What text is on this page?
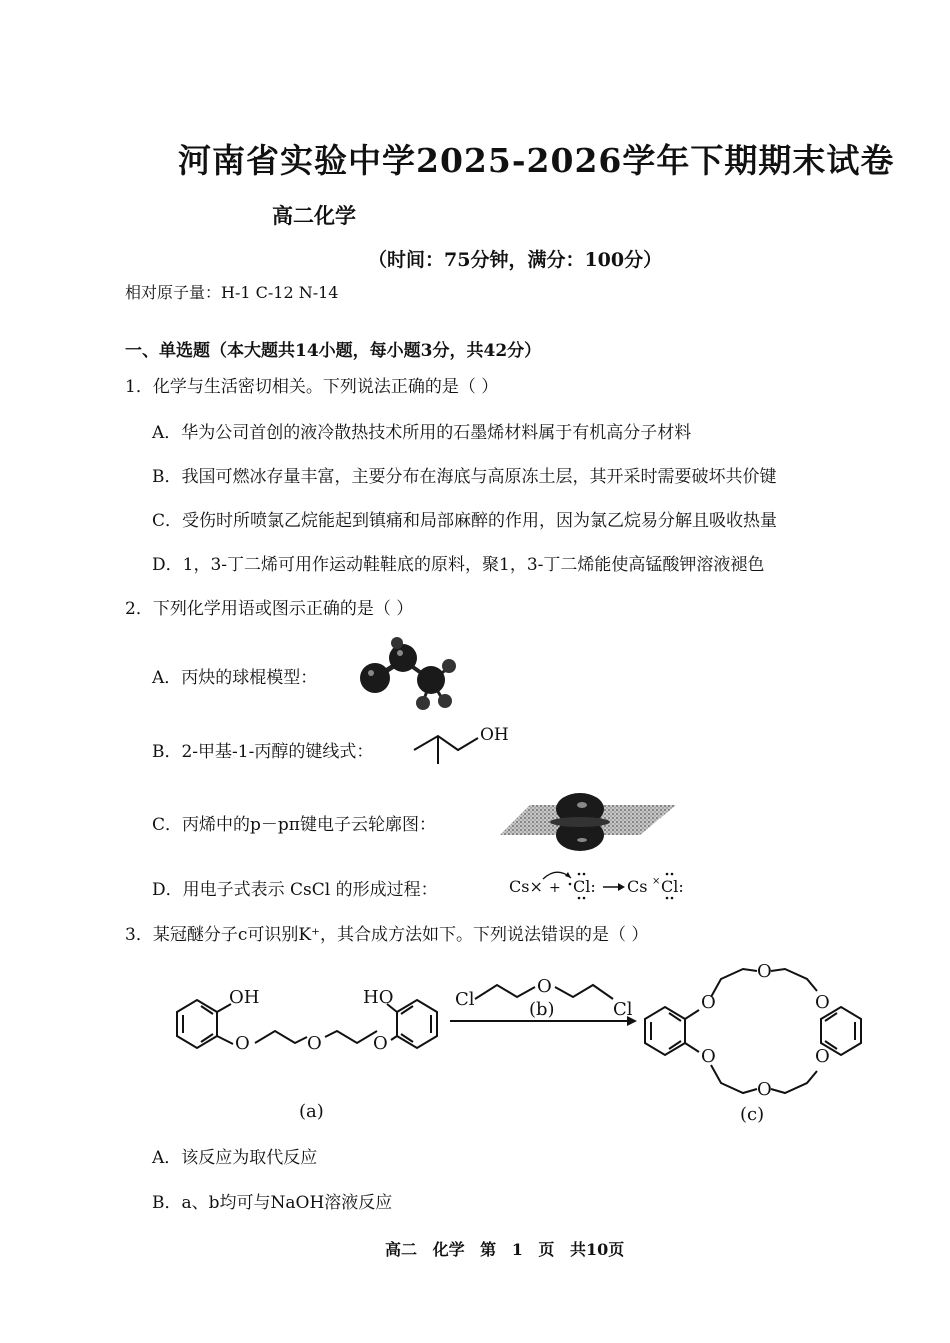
河南省实验中学2025-2026学年下期期末试卷
高二化学
（时间：75分钟，满分：100分）
相对原子量：H-1 C-12 N-14
一、单选题（本大题共14小题，每小题3分，共42分）
1．化学与生活密切相关。下列说法正确的是（ ）
A．华为公司首创的液冷散热技术所用的石墨烯材料属于有机高分子材料
B．我国可燃冰存量丰富，主要分布在海底与高原冻土层，其开采时需要破坏共价键
C．受伤时所喷氯乙烷能起到镇痛和局部麻醉的作用，因为氯乙烷易分解且吸收热量
D．1，3-丁二烯可用作运动鞋鞋底的原料，聚1，3-丁二烯能使高锰酸钾溶液褪色
2．下列化学用语或图示正确的是（ ）
A．丙炔的球棍模型：
B．2-甲基-1-丙醇的键线式：
C．丙烯中的p－pπ键电子云轮廓图：
D．用电子式表示 CsCl 的形成过程：
OH
Cs× + Cl: Cs × Cl:
3．某冠醚分子c可识别K⁺，其合成方法如下。下列说法错误的是（ ）
OH
O	O	O
HO	Cl
O
Cl
(b)	O
O
O
O
O
O
(a)	(c)
A．该反应为取代反应
B．a、b均可与NaOH溶液反应
高二 化学 第 1 页 共10页
